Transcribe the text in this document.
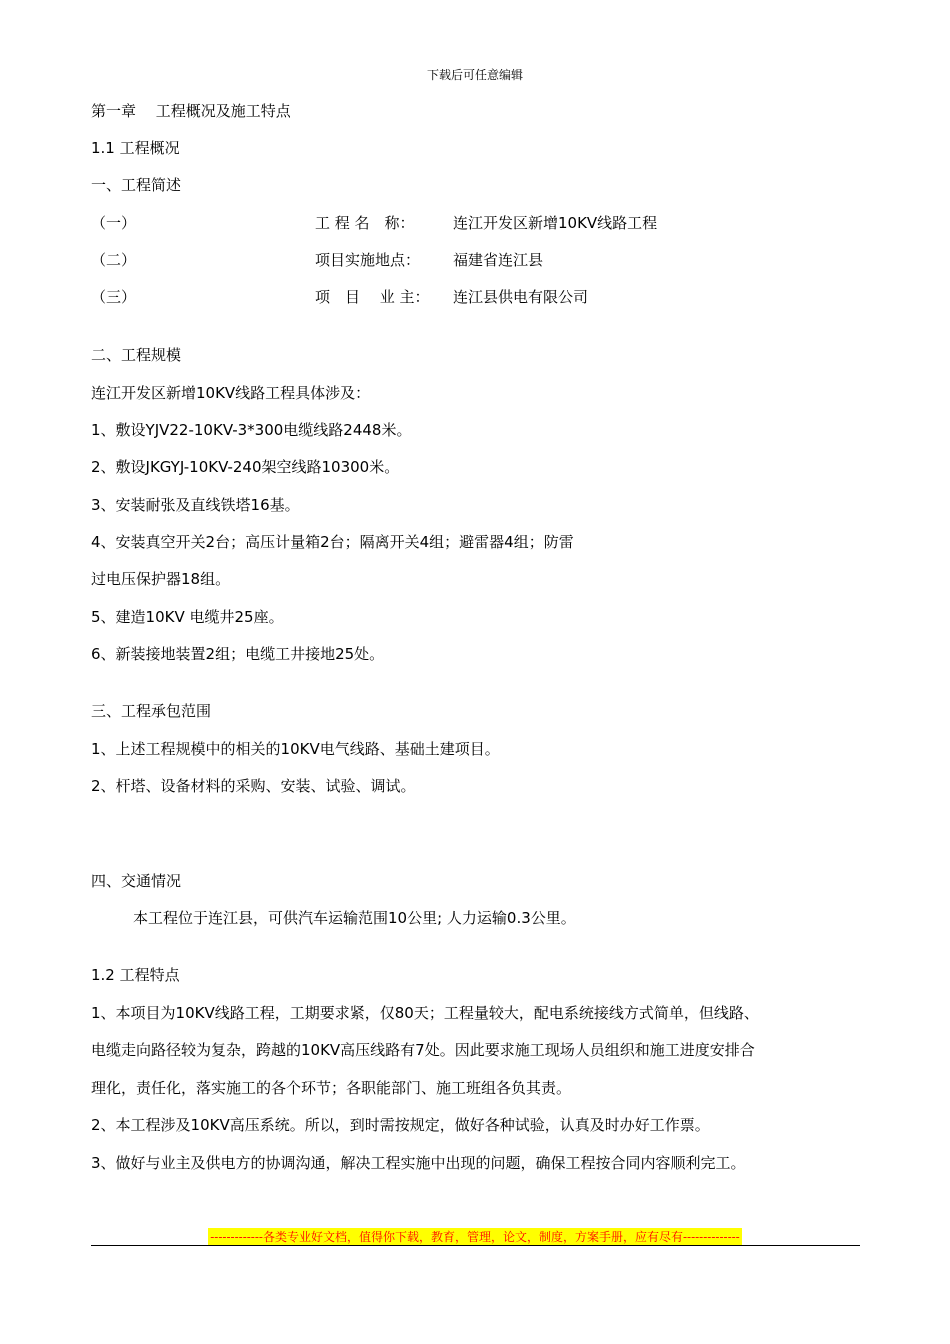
下载后可任意编辑
第一章　 工程概况及施工特点
1.1 工程概况
一、工程简述
（一）	工 程 名　称：	连江开发区新增10KV线路工程
（二）	项目实施地点： 福建省连江县
（三）	项　目　 业 主： 连江县供电有限公司
二、工程规模
连江开发区新增10KV线路工程具体涉及：
1、敷设YJV22-10KV-3*300电缆线路2448米。
2、敷设JKGYJ-10KV-240架空线路10300米。
3、安装耐张及直线铁塔16基。
4、安装真空开关2台；高压计量箱2台；隔离开关4组；避雷器4组；防雷
过电压保护器18组。
5、建造10KV 电缆井25座。
6、新装接地装置2组；电缆工井接地25处。
三、工程承包范围
1、上述工程规模中的相关的10KV电气线路、基础土建项目。
2、杆塔、设备材料的采购、安装、试验、调试。
四、交通情况
本工程位于连江县，可供汽车运输范围10公里; 人力运输0.3公里。
1.2 工程特点
1、本项目为10KV线路工程，工期要求紧，仅80天；工程量较大，配电系统接线方式简单，但线路、
电缆走向路径较为复杂，跨越的10KV高压线路有7处。因此要求施工现场人员组织和施工进度安排合
理化，责任化，落实施工的各个环节；各职能部门、施工班组各负其责。
2、本工程涉及10KV高压系统。所以，到时需按规定，做好各种试验，认真及时办好工作票。
3、做好与业主及供电方的协调沟通，解决工程实施中出现的问题，确保工程按合同内容顺利完工。
-------------各类专业好文档，值得你下载，教育，管理，论文，制度，方案手册，应有尽有--------------
